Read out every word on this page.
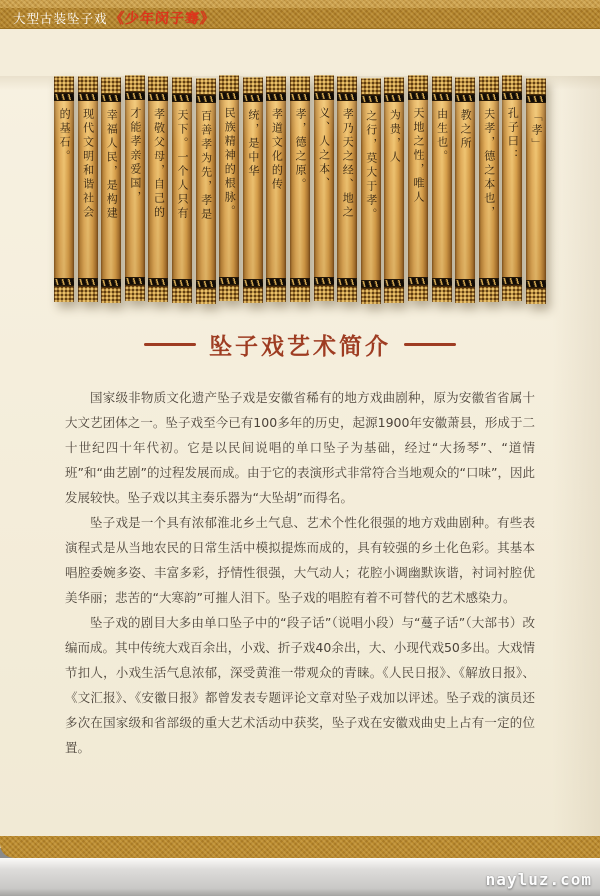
大型古装坠子戏 《少年闵子骞》
的基石。 现代文明和谐社会 幸福人民，是构建 才能孝亲爱国， 孝敬父母，自己的 天下。一个人只有 百善孝为先，孝是 民族精神的根脉。 统，是中华 孝道文化的传 孝，德之原。 义、人之本、 孝乃天之经、地之 之行，莫大于孝。 为贵，人 天地之性，唯人 由生也。 教之所 夫孝，德之本也， 孔子曰： 「孝」
坠子戏艺术简介

国家级非物质文化遗产坠子戏是安徽省稀有的地方戏曲剧种，原为安徽省省属十大文艺团体之一。坠子戏至今已有100多年的历史，起源1900年安徽萧县，形成于二十世纪四十年代初。它是以民间说唱的单口坠子为基础，经过“大扬琴”、“道情班”和“曲艺剧”的过程发展而成。由于它的表演形式非常符合当地观众的“口味”，因此发展较快。坠子戏以其主奏乐器为“大坠胡”而得名。

坠子戏是一个具有浓郁淮北乡土气息、艺术个性化很强的地方戏曲剧种。有些表演程式是从当地农民的日常生活中模拟提炼而成的，具有较强的乡土化色彩。其基本唱腔委婉多姿、丰富多彩，抒情性很强，大气动人；花腔小调幽默诙谐，衬词衬腔优美华丽；悲苦的“大寒韵”可摧人泪下。坠子戏的唱腔有着不可替代的艺术感染力。

坠子戏的剧目大多由单口坠子中的“段子话”（说唱小段）与“蔓子话”（大部书）改编而成。其中传统大戏百余出，小戏、折子戏40余出，大、小现代戏50多出。大戏情节扣人，小戏生活气息浓郁，深受黄淮一带观众的青睐。《人民日报》、《解放日报》、《文汇报》、《安徽日报》都曾发表专题评论文章对坠子戏加以评述。坠子戏的演员还多次在国家级和省部级的重大艺术活动中获奖，坠子戏在安徽戏曲史上占有一定的位置。

nayluz.com
